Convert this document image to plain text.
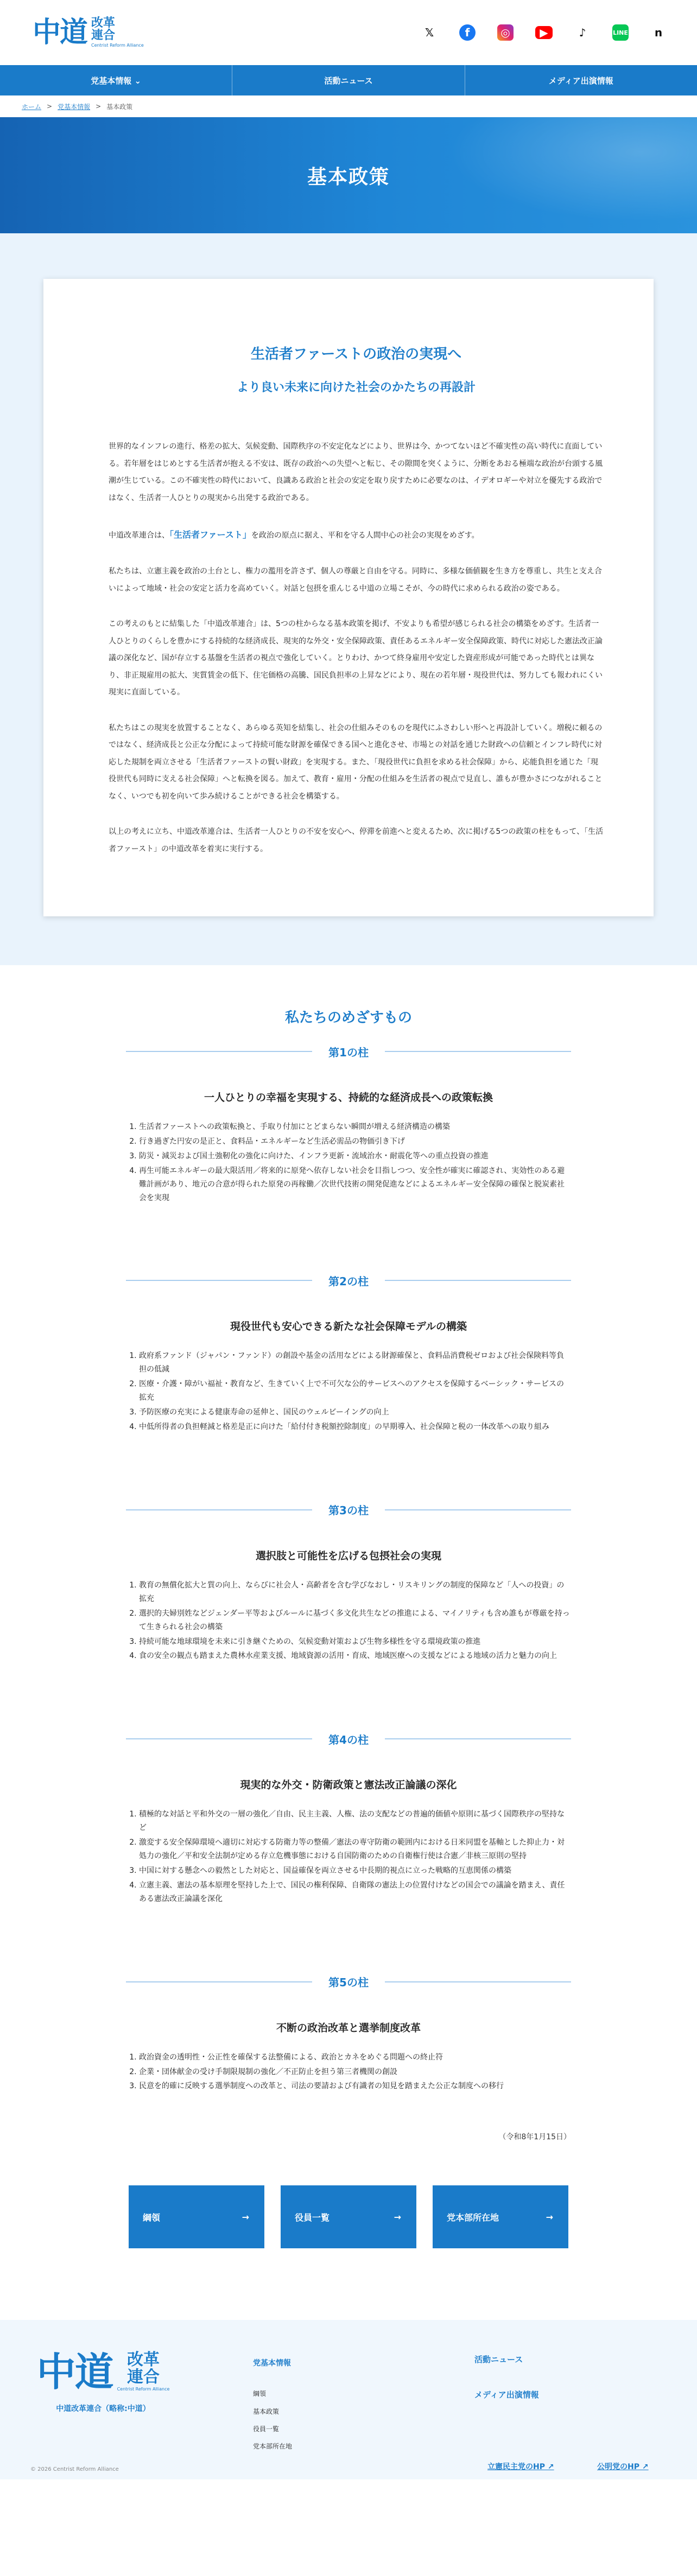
中道 改革
連合
Centrist Reform Alliance
𝕏	f	◎	▶	♪	LINE	n
党基本情報 ⌄	活動ニュース	メディア出演情報
ホーム > 党基本情報 > 基本政策
基本政策
生活者ファーストの政治の実現へ
より良い未来に向けた社会のかたちの再設計

世界的なインフレの進行、格差の拡大、気候変動、国際秩序の不安定化などにより、世界は今、かつてないほど不確実性の高い時代に直面している。若年層をはじめとする生活者が抱える不安は、既存の政治への失望へと転じ、その隙間を突くように、分断をあおる極端な政治が台頭する風潮が生じている。この不確実性の時代において、良識ある政治と社会の安定を取り戻すために必要なのは、イデオロギーや対立を優先する政治ではなく、生活者一人ひとりの現実から出発する政治である。

中道改革連合は、「生活者ファースト」を政治の原点に据え、平和を守る人間中心の社会の実現をめざす。

私たちは、立憲主義を政治の土台とし、権力の濫用を許さず、個人の尊厳と自由を守る。同時に、多様な価値観を生き方を尊重し、共生と支え合いによって地域・社会の安定と活力を高めていく。対話と包摂を重んじる中道の立場こそが、今の時代に求められる政治の姿である。

この考えのもとに結集した「中道改革連合」は、5つの柱からなる基本政策を掲げ、不安よりも希望が感じられる社会の構築をめざす。生活者一人ひとりのくらしを豊かにする持続的な経済成長、現実的な外交・安全保障政策、責任あるエネルギー安全保障政策、時代に対応した憲法改正論議の深化など、国が存立する基盤を生活者の視点で強化していく。とりわけ、かつて終身雇用や安定した資産形成が可能であった時代とは異なり、非正規雇用の拡大、実質賃金の低下、住宅価格の高騰、国民負担率の上昇などにより、現在の若年層・現役世代は、努力しても報われにくい現実に直面している。

私たちはこの現実を放置することなく、あらゆる英知を結集し、社会の仕組みそのものを現代にふさわしい形へと再設計していく。増税に頼るのではなく、経済成長と公正な分配によって持続可能な財源を確保できる国へと進化させ、市場との対話を通じた財政への信頼とインフレ時代に対応した規制を両立させる「生活者ファーストの賢い財政」を実現する。また、「現役世代に負担を求める社会保障」から、応能負担を通じた「現役世代も同時に支える社会保障」へと転換を図る。加えて、教育・雇用・分配の仕組みを生活者の視点で見直し、誰もが豊かさにつながれることなく、いつでも初を向いて歩み続けることができる社会を構築する。

以上の考えに立ち、中道改革連合は、生活者一人ひとりの不安を安心へ、停滞を前進へと変えるため、次に掲げる5つの政策の柱をもって、「生活者ファースト」の中道改革を着実に実行する。

私たちのめざすもの
第1の柱
一人ひとりの幸福を実現する、持続的な経済成長への政策転換
1. 生活者ファーストへの政策転換と、手取り付加にとどまらない瞬間が増える経済構造の構築
2. 行き過ぎた円安の是正と、食料品・エネルギーなど生活必需品の物価引き下げ
3. 防災・減災および国土強靭化の強化に向けた、インフラ更新・流域治水・耐震化等への重点投資の推進
4. 再生可能エネルギーの最大限活用／将来的に原発へ依存しない社会を目指しつつ、安全性が確実に確認され、実効性のある避難計画があり、地元の合意が得られた原発の再稼働／次世代技術の開発促進などによるエネルギー安全保障の確保と脱炭素社会を実現
第2の柱
現役世代も安心できる新たな社会保障モデルの構築
1. 政府系ファンド（ジャパン・ファンド）の創設や基金の活用などによる財源確保と、食料品消費税ゼロおよび社会保険料等負担の低減
2. 医療・介護・障がい福祉・教育など、生きていく上で不可欠な公的サービスへのアクセスを保障するベーシック・サービスの拡充
3. 予防医療の充実による健康寿命の延伸と、国民のウェルビーイングの向上
4. 中低所得者の負担軽減と格差是正に向けた「給付付き税額控除制度」の早期導入、社会保障と税の一体改革への取り組み
第3の柱
選択肢と可能性を広げる包摂社会の実現
1. 教育の無償化拡大と質の向上、ならびに社会人・高齢者を含む学びなおし・リスキリングの制度的保障など「人への投資」の拡充
2. 選択的夫婦別姓などジェンダー平等およびルールに基づく多文化共生などの推進による、マイノリティも含め誰もが尊厳を持って生きられる社会の構築
3. 持続可能な地球環境を未来に引き継ぐための、気候変動対策および生物多様性を守る環境政策の推進
4. 食の安全の観点も踏まえた農林水産業支援、地域資源の活用・育成、地域医療への支援などによる地域の活力と魅力の向上
第4の柱
現実的な外交・防衛政策と憲法改正論議の深化
1. 積極的な対話と平和外交の一層の強化／自由、民主主義、人権、法の支配などの普遍的価値や原則に基づく国際秩序の堅持など
2. 激変する安全保障環境へ適切に対応する防衛力等の整備／憲法の専守防衛の範囲内における日米同盟を基軸とした抑止力・対処力の強化／平和安全法制が定める存立危機事態における自国防衛のための自衛権行使は合憲／非核三原則の堅持
3. 中国に対する懸念への毅然とした対応と、国益確保を両立させる中長期的視点に立った戦略的互恵関係の構築
4. 立憲主義、憲法の基本原理を堅持した上で、国民の権利保障、自衛隊の憲法上の位置付けなどの国会での議論を踏まえ、責任ある憲法改正論議を深化
第5の柱
不断の政治改革と選挙制度改革
1. 政治資金の透明性・公正性を確保する法整備による、政治とカネをめぐる問題への終止符
2. 企業・団体献金の受け手制限規制の強化／不正防止を担う第三者機関の創設
3. 民意を的確に反映する選挙制度への改革と、司法の要請および有識者の知見を踏まえた公正な制度への移行
（令和8年1月15日）
綱領	→	役員一覧	→	党本部所在地	→
中道 改革
連合
Centrist Reform Alliance
中道改革連合（略称:中道）
党基本情報
綱領
基本政策
役員一覧
党本部所在地
活動ニュース
メディア出演情報
© 2026 Centrist Reform Alliance	立憲民主党のHP ↗	公明党のHP ↗
